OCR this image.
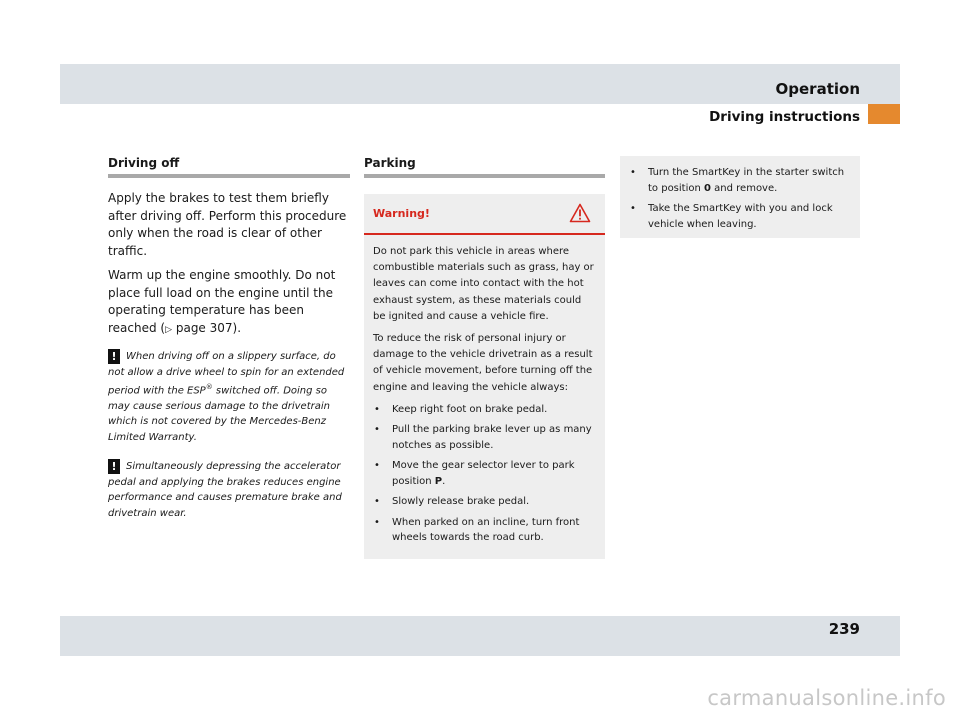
Operation
Driving instructions
Driving off

Apply the brakes to test them briefly after driving off. Perform this procedure only when the road is clear of other traffic.

Warm up the engine smoothly. Do not place full load on the engine until the operating temperature has been reached (▷ page 307).

! When driving off on a slippery surface, do not allow a drive wheel to spin for an extended period with the ESP® switched off. Doing so may cause serious damage to the drivetrain which is not covered by the Mercedes-Benz Limited Warranty.

! Simultaneously depressing the accelerator pedal and applying the brakes reduces engine performance and causes premature brake and drivetrain wear.

Parking
Warning!

Do not park this vehicle in areas where combustible materials such as grass, hay or leaves can come into contact with the hot exhaust system, as these materials could be ignited and cause a vehicle fire.

To reduce the risk of personal injury or damage to the vehicle drivetrain as a result of vehicle movement, before turning off the engine and leaving the vehicle always:

• Keep right foot on brake pedal.
• Pull the parking brake lever up as many notches as possible.
• Move the gear selector lever to park position P.
• Slowly release brake pedal.
• When parked on an incline, turn front wheels towards the road curb.
• Turn the SmartKey in the starter switch to position 0 and remove.
• Take the SmartKey with you and lock vehicle when leaving.
239
carmanualsonline.info
